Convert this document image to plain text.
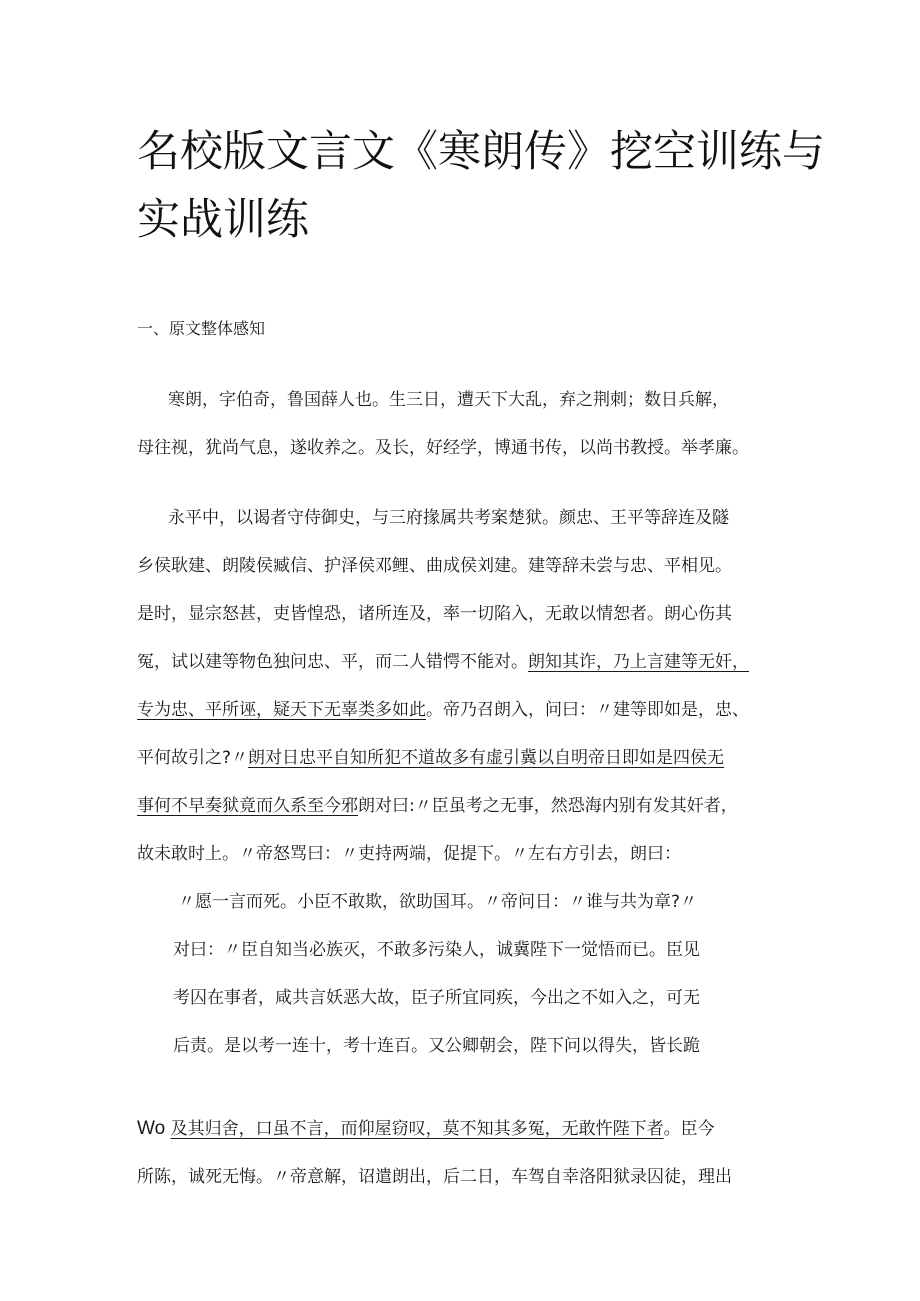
名校版文言文《寒朗传》挖空训练与
实战训练
一、原文整体感知

寒朗，字伯奇，鲁国薛人也。生三日，遭天下大乱，弃之荆刺；数日兵解，

母往视，犹尚气息，遂收养之。及长，好经学，博通书传，以尚书教授。举孝廉。

永平中，以谒者守侍御史，与三府掾属共考案楚狱。颜忠、王平等辞连及隧

乡侯耿建、朗陵侯臧信、护泽侯邓鲤、曲成侯刘建。建等辞未尝与忠、平相见。

是时，显宗怒甚，吏皆惶恐，诸所连及，率一切陷入，无敢以情恕者。朗心伤其

冤，试以建等物色独问忠、平，而二人错愕不能对。朗知其诈，乃上言建等无奸，

专为忠、平所诬，疑天下无辜类多如此。帝乃召朗入，问曰：〃建等即如是，忠、

平何故引之?〃朗对日忠平自知所犯不道故多有虚引冀以自明帝日即如是四侯无

事何不早奏狱竟而久系至今邪朗对曰:〃臣虽考之无事，然恐海内别有发其奸者，

故未敢时上。〃帝怒骂曰：〃吏持两端，促提下。〃左右方引去，朗曰：

〃愿一言而死。小臣不敢欺，欲助国耳。〃帝问日：〃谁与共为章?〃

对曰：〃臣自知当必族灭，不敢多污染人，诚冀陛下一觉悟而已。臣见

考囚在事者，咸共言妖恶大故，臣子所宜同疾，今出之不如入之，可无

后责。是以考一连十，考十连百。又公卿朝会，陛下问以得失，皆长跪

Wo 及其归舍，口虽不言，而仰屋窃叹，莫不知其多冤，无敢忤陛下者。臣今

所陈，诚死无悔。〃帝意解，诏遣朗出，后二日，车驾自幸洛阳狱录囚徒，理出
